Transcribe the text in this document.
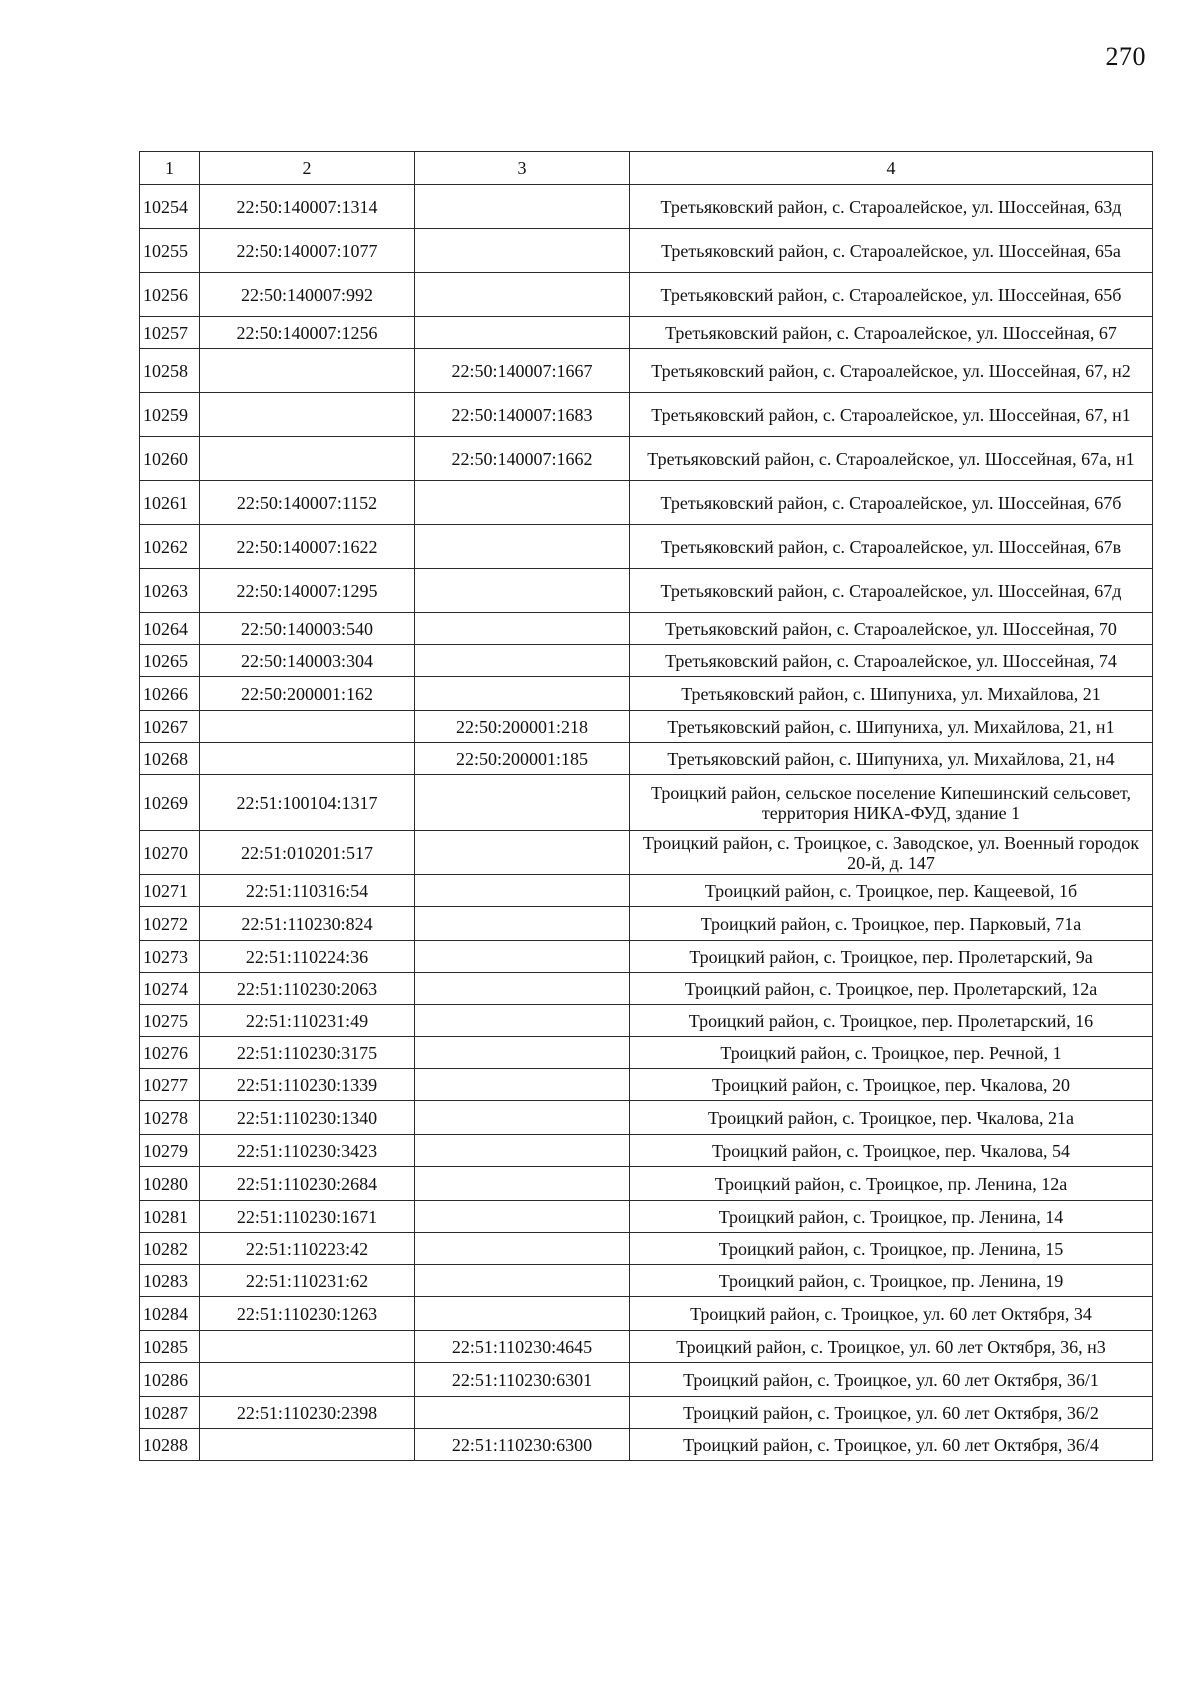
270
1	2	3	4
10254	22:50:140007:1314		Третьяковский район, с. Староалейское, ул. Шоссейная, 63д
10255	22:50:140007:1077		Третьяковский район, с. Староалейское, ул. Шоссейная, 65а
10256	22:50:140007:992		Третьяковский район, с. Староалейское, ул. Шоссейная, 65б
10257	22:50:140007:1256		Третьяковский район, с. Староалейское, ул. Шоссейная, 67
10258		22:50:140007:1667	Третьяковский район, с. Староалейское, ул. Шоссейная, 67, н2
10259		22:50:140007:1683	Третьяковский район, с. Староалейское, ул. Шоссейная, 67, н1
10260		22:50:140007:1662	Третьяковский район, с. Староалейское, ул. Шоссейная, 67а, н1
10261	22:50:140007:1152		Третьяковский район, с. Староалейское, ул. Шоссейная, 67б
10262	22:50:140007:1622		Третьяковский район, с. Староалейское, ул. Шоссейная, 67в
10263	22:50:140007:1295		Третьяковский район, с. Староалейское, ул. Шоссейная, 67д
10264	22:50:140003:540		Третьяковский район, с. Староалейское, ул. Шоссейная, 70
10265	22:50:140003:304		Третьяковский район, с. Староалейское, ул. Шоссейная, 74
10266	22:50:200001:162		Третьяковский район, с. Шипуниха, ул. Михайлова, 21
10267		22:50:200001:218	Третьяковский район, с. Шипуниха, ул. Михайлова, 21, н1
10268		22:50:200001:185	Третьяковский район, с. Шипуниха, ул. Михайлова, 21, н4
10269	22:51:100104:1317		Троицкий район, сельское поселение Кипешинский сельсовет, территория НИКА-ФУД, здание 1
10270	22:51:010201:517		Троицкий район, с. Троицкое, с. Заводское, ул. Военный городок 20-й, д. 147
10271	22:51:110316:54		Троицкий район, с. Троицкое, пер. Кащеевой, 1б
10272	22:51:110230:824		Троицкий район, с. Троицкое, пер. Парковый, 71а
10273	22:51:110224:36		Троицкий район, с. Троицкое, пер. Пролетарский, 9а
10274	22:51:110230:2063		Троицкий район, с. Троицкое, пер. Пролетарский, 12а
10275	22:51:110231:49		Троицкий район, с. Троицкое, пер. Пролетарский, 16
10276	22:51:110230:3175		Троицкий район, с. Троицкое, пер. Речной, 1
10277	22:51:110230:1339		Троицкий район, с. Троицкое, пер. Чкалова, 20
10278	22:51:110230:1340		Троицкий район, с. Троицкое, пер. Чкалова, 21а
10279	22:51:110230:3423		Троицкий район, с. Троицкое, пер. Чкалова, 54
10280	22:51:110230:2684		Троицкий район, с. Троицкое, пр. Ленина, 12а
10281	22:51:110230:1671		Троицкий район, с. Троицкое, пр. Ленина, 14
10282	22:51:110223:42		Троицкий район, с. Троицкое, пр. Ленина, 15
10283	22:51:110231:62		Троицкий район, с. Троицкое, пр. Ленина, 19
10284	22:51:110230:1263		Троицкий район, с. Троицкое, ул. 60 лет Октября, 34
10285		22:51:110230:4645	Троицкий район, с. Троицкое, ул. 60 лет Октября, 36, н3
10286		22:51:110230:6301	Троицкий район, с. Троицкое, ул. 60 лет Октября, 36/1
10287	22:51:110230:2398		Троицкий район, с. Троицкое, ул. 60 лет Октября, 36/2
10288		22:51:110230:6300	Троицкий район, с. Троицкое, ул. 60 лет Октября, 36/4
